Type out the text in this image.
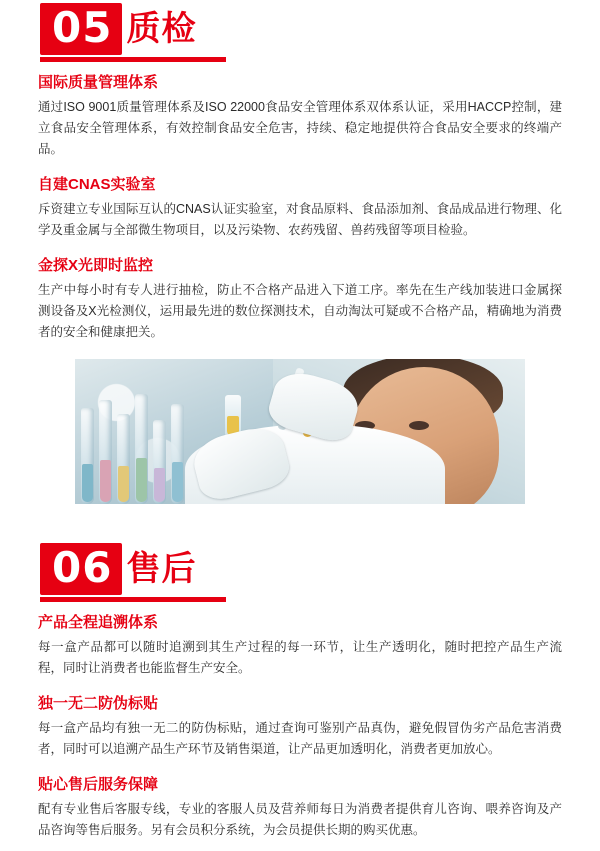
05 质检

国际质量管理体系

通过ISO 9001质量管理体系及ISO 22000食品安全管理体系双体系认证，采用HACCP控制，建立食品安全管理体系，有效控制食品安全危害，持续、稳定地提供符合食品安全要求的终端产品。

自建CNAS实验室

斥资建立专业国际互认的CNAS认证实验室，对食品原料、食品添加剂、食品成品进行物理、化学及重金属与全部微生物项目，以及污染物、农药残留、兽药残留等项目检验。

金探X光即时监控

生产中每小时有专人进行抽检，防止不合格产品进入下道工序。率先在生产线加装进口金属探测设备及X光检测仪，运用最先进的数位探测技术，自动淘汰可疑或不合格产品，精确地为消费者的安全和健康把关。

06 售后

产品全程追溯体系

每一盒产品都可以随时追溯到其生产过程的每一环节，让生产透明化，随时把控产品生产流程，同时让消费者也能监督生产安全。

独一无二防伪标贴

每一盒产品均有独一无二的防伪标贴，通过查询可鉴别产品真伪，避免假冒伪劣产品危害消费者，同时可以追溯产品生产环节及销售渠道，让产品更加透明化，消费者更加放心。

贴心售后服务保障

配有专业售后客服专线，专业的客服人员及营养师每日为消费者提供育儿咨询、喂养咨询及产品咨询等售后服务。另有会员积分系统，为会员提供长期的购买优惠。
